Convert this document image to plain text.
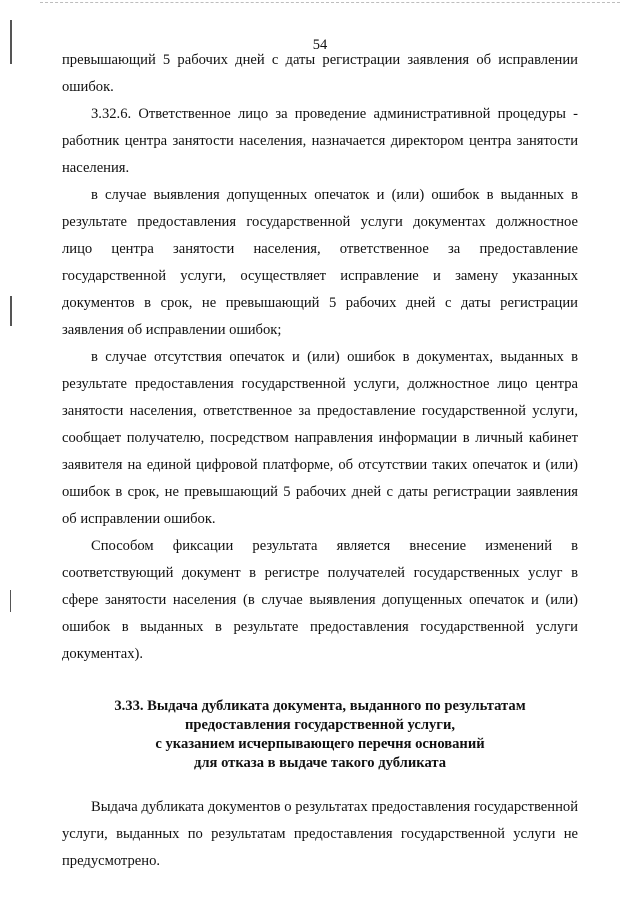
54

превышающий 5 рабочих дней с даты регистрации заявления об исправлении ошибок.

3.32.6. Ответственное лицо за проведение административной процедуры - работник центра занятости населения, назначается директором центра занятости населения.

в случае выявления допущенных опечаток и (или) ошибок в выданных в результате предоставления государственной услуги документах должностное лицо центра занятости населения, ответственное за предоставление государственной услуги, осуществляет исправление и замену указанных документов в срок, не превышающий 5 рабочих дней с даты регистрации заявления об исправлении ошибок;

в случае отсутствия опечаток и (или) ошибок в документах, выданных в результате предоставления государственной услуги, должностное лицо центра занятости населения, ответственное за предоставление государственной услуги, сообщает получателю, посредством направления информации в личный кабинет заявителя на единой цифровой платформе, об отсутствии таких опечаток и (или) ошибок в срок, не превышающий 5 рабочих дней с даты регистрации заявления об исправлении ошибок.

Способом фиксации результата является внесение изменений в соответствующий документ в регистре получателей государственных услуг в сфере занятости населения (в случае выявления допущенных опечаток и (или) ошибок в выданных в результате предоставления государственной услуги документах).

3.33. Выдача дубликата документа, выданного по результатам
предоставления государственной услуги,
с указанием исчерпывающего перечня оснований
для отказа в выдаче такого дубликата

Выдача дубликата документов о результатах предоставления государственной услуги, выданных по результатам предоставления государственной услуги не предусмотрено.
